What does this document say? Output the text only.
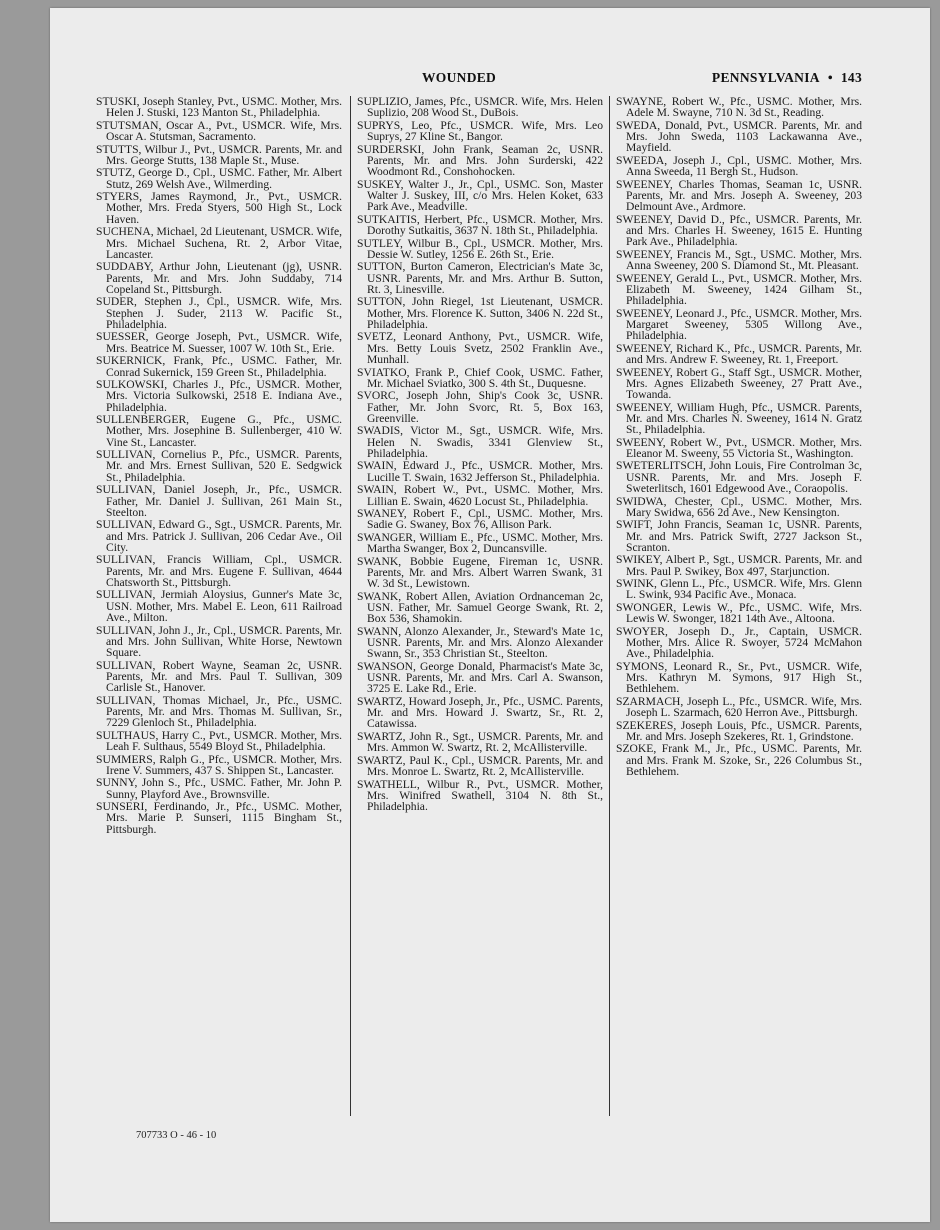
WOUNDED	PENNSYLVANIA • 143
STUSKI, Joseph Stanley, Pvt., USMC. Mother, Mrs. Helen J. Stuski, 123 Manton St., Philadelphia.
STUTSMAN, Oscar A., Pvt., USMCR. Wife, Mrs. Oscar A. Stutsman, Sacramento.
STUTTS, Wilbur J., Pvt., USMCR. Parents, Mr. and Mrs. George Stutts, 138 Maple St., Muse.
STUTZ, George D., Cpl., USMC. Father, Mr. Albert Stutz, 269 Welsh Ave., Wilmerding.
STYERS, James Raymond, Jr., Pvt., USMCR. Mother, Mrs. Freda Styers, 500 High St., Lock Haven.
SUCHENA, Michael, 2d Lieutenant, USMCR. Wife, Mrs. Michael Suchena, Rt. 2, Arbor Vitae, Lancaster.
SUDDABY, Arthur John, Lieutenant (jg), USNR. Parents, Mr. and Mrs. John Suddaby, 714 Copeland St., Pittsburgh.
SUDER, Stephen J., Cpl., USMCR. Wife, Mrs. Stephen J. Suder, 2113 W. Pacific St., Philadelphia.
SUESSER, George Joseph, Pvt., USMCR. Wife, Mrs. Beatrice M. Suesser, 1007 W. 10th St., Erie.
SUKERNICK, Frank, Pfc., USMC. Father, Mr. Conrad Sukernick, 159 Green St., Philadelphia.
SULKOWSKI, Charles J., Pfc., USMCR. Mother, Mrs. Victoria Sulkowski, 2518 E. Indiana Ave., Philadelphia.
SULLENBERGER, Eugene G., Pfc., USMC. Mother, Mrs. Josephine B. Sullenberger, 410 W. Vine St., Lancaster.
SULLIVAN, Cornelius P., Pfc., USMCR. Parents, Mr. and Mrs. Ernest Sullivan, 520 E. Sedgwick St., Philadelphia.
SULLIVAN, Daniel Joseph, Jr., Pfc., USMCR. Father, Mr. Daniel J. Sullivan, 261 Main St., Steelton.
SULLIVAN, Edward G., Sgt., USMCR. Parents, Mr. and Mrs. Patrick J. Sullivan, 206 Cedar Ave., Oil City.
SULLIVAN, Francis William, Cpl., USMCR. Parents, Mr. and Mrs. Eugene F. Sullivan, 4644 Chatsworth St., Pittsburgh.
SULLIVAN, Jermiah Aloysius, Gunner's Mate 3c, USN. Mother, Mrs. Mabel E. Leon, 611 Railroad Ave., Milton.
SULLIVAN, John J., Jr., Cpl., USMCR. Parents, Mr. and Mrs. John Sullivan, White Horse, Newtown Square.
SULLIVAN, Robert Wayne, Seaman 2c, USNR. Parents, Mr. and Mrs. Paul T. Sullivan, 309 Carlisle St., Hanover.
SULLIVAN, Thomas Michael, Jr., Pfc., USMC. Parents, Mr. and Mrs. Thomas M. Sullivan, Sr., 7229 Glenloch St., Philadelphia.
SULTHAUS, Harry C., Pvt., USMCR. Mother, Mrs. Leah F. Sulthaus, 5549 Bloyd St., Philadelphia.
SUMMERS, Ralph G., Pfc., USMCR. Mother, Mrs. Irene V. Summers, 437 S. Shippen St., Lancaster.
SUNNY, John S., Pfc., USMC. Father, Mr. John P. Sunny, Playford Ave., Brownsville.
SUNSERI, Ferdinando, Jr., Pfc., USMC. Mother, Mrs. Marie P. Sunseri, 1115 Bingham St., Pittsburgh.
SUPLIZIO, James, Pfc., USMCR. Wife, Mrs. Helen Suplizio, 208 Wood St., DuBois.
SUPRYS, Leo, Pfc., USMCR. Wife, Mrs. Leo Suprys, 27 Kline St., Bangor.
SURDERSKI, John Frank, Seaman 2c, USNR. Parents, Mr. and Mrs. John Surderski, 422 Woodmont Rd., Conshohocken.
SUSKEY, Walter J., Jr., Cpl., USMC. Son, Master Walter J. Suskey, III, c/o Mrs. Helen Koket, 633 Park Ave., Meadville.
SUTKAITIS, Herbert, Pfc., USMCR. Mother, Mrs. Dorothy Sutkaitis, 3637 N. 18th St., Philadelphia.
SUTLEY, Wilbur B., Cpl., USMCR. Mother, Mrs. Dessie W. Sutley, 1256 E. 26th St., Erie.
SUTTON, Burton Cameron, Electrician's Mate 3c, USNR. Parents, Mr. and Mrs. Arthur B. Sutton, Rt. 3, Linesville.
SUTTON, John Riegel, 1st Lieutenant, USMCR. Mother, Mrs. Florence K. Sutton, 3406 N. 22d St., Philadelphia.
SVETZ, Leonard Anthony, Pvt., USMCR. Wife, Mrs. Betty Louis Svetz, 2502 Franklin Ave., Munhall.
SVIATKO, Frank P., Chief Cook, USMC. Father, Mr. Michael Sviatko, 300 S. 4th St., Duquesne.
SVORC, Joseph John, Ship's Cook 3c, USNR. Father, Mr. John Svorc, Rt. 5, Box 163, Greenville.
SWADIS, Victor M., Sgt., USMCR. Wife, Mrs. Helen N. Swadis, 3341 Glenview St., Philadelphia.
SWAIN, Edward J., Pfc., USMCR. Mother, Mrs. Lucille T. Swain, 1632 Jefferson St., Philadelphia.
SWAIN, Robert W., Pvt., USMC. Mother, Mrs. Lillian E. Swain, 4620 Locust St., Philadelphia.
SWANEY, Robert F., Cpl., USMC. Mother, Mrs. Sadie G. Swaney, Box 76, Allison Park.
SWANGER, William E., Pfc., USMC. Mother, Mrs. Martha Swanger, Box 2, Duncansville.
SWANK, Bobbie Eugene, Fireman 1c, USNR. Parents, Mr. and Mrs. Albert Warren Swank, 31 W. 3d St., Lewistown.
SWANK, Robert Allen, Aviation Ordnanceman 2c, USN. Father, Mr. Samuel George Swank, Rt. 2, Box 536, Shamokin.
SWANN, Alonzo Alexander, Jr., Steward's Mate 1c, USNR. Parents, Mr. and Mrs. Alonzo Alexander Swann, Sr., 353 Christian St., Steelton.
SWANSON, George Donald, Pharmacist's Mate 3c, USNR. Parents, Mr. and Mrs. Carl A. Swanson, 3725 E. Lake Rd., Erie.
SWARTZ, Howard Joseph, Jr., Pfc., USMC. Parents, Mr. and Mrs. Howard J. Swartz, Sr., Rt. 2, Catawissa.
SWARTZ, John R., Sgt., USMCR. Parents, Mr. and Mrs. Ammon W. Swartz, Rt. 2, McAllisterville.
SWARTZ, Paul K., Cpl., USMCR. Parents, Mr. and Mrs. Monroe L. Swartz, Rt. 2, McAllisterville.
SWATHELL, Wilbur R., Pvt., USMCR. Mother, Mrs. Winifred Swathell, 3104 N. 8th St., Philadelphia.
SWAYNE, Robert W., Pfc., USMC. Mother, Mrs. Adele M. Swayne, 710 N. 3d St., Reading.
SWEDA, Donald, Pvt., USMCR. Parents, Mr. and Mrs. John Sweda, 1103 Lackawanna Ave., Mayfield.
SWEEDA, Joseph J., Cpl., USMC. Mother, Mrs. Anna Sweeda, 11 Bergh St., Hudson.
SWEENEY, Charles Thomas, Seaman 1c, USNR. Parents, Mr. and Mrs. Joseph A. Sweeney, 203 Delmount Ave., Ardmore.
SWEENEY, David D., Pfc., USMCR. Parents, Mr. and Mrs. Charles H. Sweeney, 1615 E. Hunting Park Ave., Philadelphia.
SWEENEY, Francis M., Sgt., USMC. Mother, Mrs. Anna Sweeney, 200 S. Diamond St., Mt. Pleasant.
SWEENEY, Gerald L., Pvt., USMCR. Mother, Mrs. Elizabeth M. Sweeney, 1424 Gilham St., Philadelphia.
SWEENEY, Leonard J., Pfc., USMCR. Mother, Mrs. Margaret Sweeney, 5305 Willong Ave., Philadelphia.
SWEENEY, Richard K., Pfc., USMCR. Parents, Mr. and Mrs. Andrew F. Sweeney, Rt. 1, Freeport.
SWEENEY, Robert G., Staff Sgt., USMCR. Mother, Mrs. Agnes Elizabeth Sweeney, 27 Pratt Ave., Towanda.
SWEENEY, William Hugh, Pfc., USMCR. Parents, Mr. and Mrs. Charles N. Sweeney, 1614 N. Gratz St., Philadelphia.
SWEENY, Robert W., Pvt., USMCR. Mother, Mrs. Eleanor M. Sweeny, 55 Victoria St., Washington.
SWETERLITSCH, John Louis, Fire Controlman 3c, USNR. Parents, Mr. and Mrs. Joseph F. Sweterlitsch, 1601 Edgewood Ave., Coraopolis.
SWIDWA, Chester, Cpl., USMC. Mother, Mrs. Mary Swidwa, 656 2d Ave., New Kensington.
SWIFT, John Francis, Seaman 1c, USNR. Parents, Mr. and Mrs. Patrick Swift, 2727 Jackson St., Scranton.
SWIKEY, Albert P., Sgt., USMCR. Parents, Mr. and Mrs. Paul P. Swikey, Box 497, Starjunction.
SWINK, Glenn L., Pfc., USMCR. Wife, Mrs. Glenn L. Swink, 934 Pacific Ave., Monaca.
SWONGER, Lewis W., Pfc., USMC. Wife, Mrs. Lewis W. Swonger, 1821 14th Ave., Altoona.
SWOYER, Joseph D., Jr., Captain, USMCR. Mother, Mrs. Alice R. Swoyer, 5724 McMahon Ave., Philadelphia.
SYMONS, Leonard R., Sr., Pvt., USMCR. Wife, Mrs. Kathryn M. Symons, 917 High St., Bethlehem.
SZARMACH, Joseph L., Pfc., USMCR. Wife, Mrs. Joseph L. Szarmach, 620 Herron Ave., Pittsburgh.
SZEKERES, Joseph Louis, Pfc., USMCR. Parents, Mr. and Mrs. Joseph Szekeres, Rt. 1, Grindstone.
SZOKE, Frank M., Jr., Pfc., USMC. Parents, Mr. and Mrs. Frank M. Szoke, Sr., 226 Columbus St., Bethlehem.
707733 O - 46 - 10
